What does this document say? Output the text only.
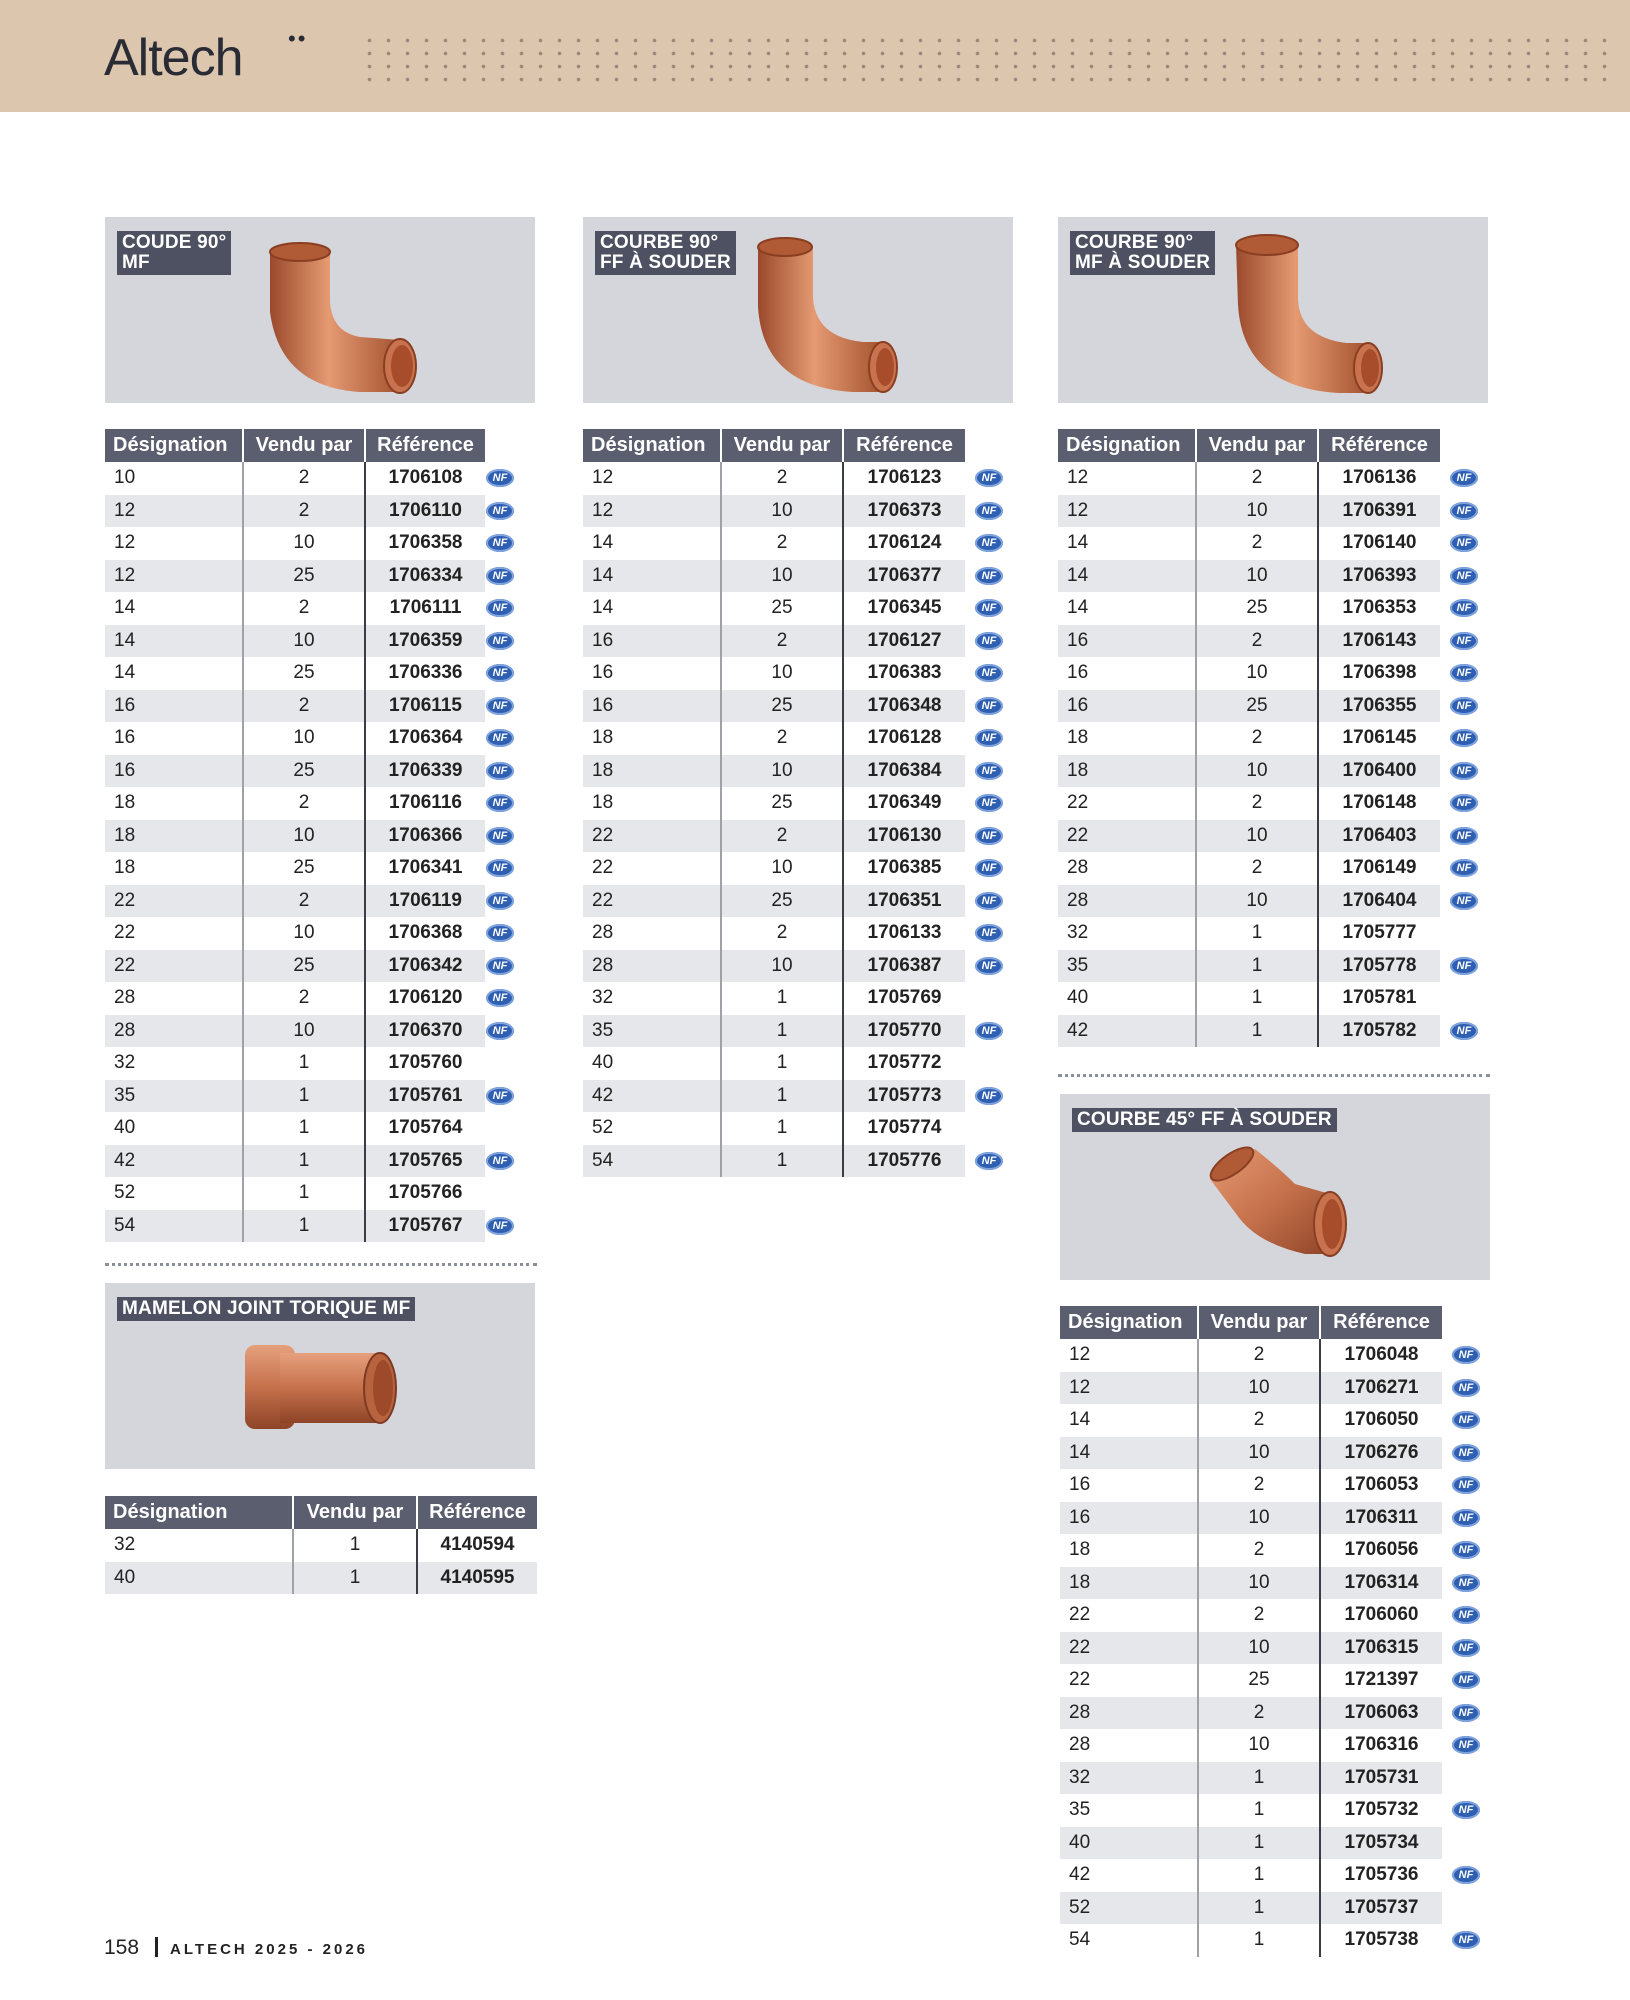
Altech ••
COUDE 90°
MF
Désignation	Vendu par	Référence	
10	2	1706108	NF
12	2	1706110	NF
12	10	1706358	NF
12	25	1706334	NF
14	2	1706111	NF
14	10	1706359	NF
14	25	1706336	NF
16	2	1706115	NF
16	10	1706364	NF
16	25	1706339	NF
18	2	1706116	NF
18	10	1706366	NF
18	25	1706341	NF
22	2	1706119	NF
22	10	1706368	NF
22	25	1706342	NF
28	2	1706120	NF
28	10	1706370	NF
32	1	1705760	
35	1	1705761	NF
40	1	1705764	
42	1	1705765	NF
52	1	1705766	
54	1	1705767	NF
MAMELON JOINT TORIQUE MF
Désignation	Vendu par	Référence
32	1	4140594
40	1	4140595
COURBE 90°
FF À SOUDER
Désignation	Vendu par	Référence	
12	2	1706123	NF
12	10	1706373	NF
14	2	1706124	NF
14	10	1706377	NF
14	25	1706345	NF
16	2	1706127	NF
16	10	1706383	NF
16	25	1706348	NF
18	2	1706128	NF
18	10	1706384	NF
18	25	1706349	NF
22	2	1706130	NF
22	10	1706385	NF
22	25	1706351	NF
28	2	1706133	NF
28	10	1706387	NF
32	1	1705769	
35	1	1705770	NF
40	1	1705772	
42	1	1705773	NF
52	1	1705774	
54	1	1705776	NF
COURBE 90°
MF À SOUDER
Désignation	Vendu par	Référence	
12	2	1706136	NF
12	10	1706391	NF
14	2	1706140	NF
14	10	1706393	NF
14	25	1706353	NF
16	2	1706143	NF
16	10	1706398	NF
16	25	1706355	NF
18	2	1706145	NF
18	10	1706400	NF
22	2	1706148	NF
22	10	1706403	NF
28	2	1706149	NF
28	10	1706404	NF
32	1	1705777	
35	1	1705778	NF
40	1	1705781	
42	1	1705782	NF
COURBE 45° FF À SOUDER
Désignation	Vendu par	Référence	
12	2	1706048	NF
12	10	1706271	NF
14	2	1706050	NF
14	10	1706276	NF
16	2	1706053	NF
16	10	1706311	NF
18	2	1706056	NF
18	10	1706314	NF
22	2	1706060	NF
22	10	1706315	NF
22	25	1721397	NF
28	2	1706063	NF
28	10	1706316	NF
32	1	1705731	
35	1	1705732	NF
40	1	1705734	
42	1	1705736	NF
52	1	1705737	
54	1	1705738	NF
158 ALTECH 2025 - 2026
